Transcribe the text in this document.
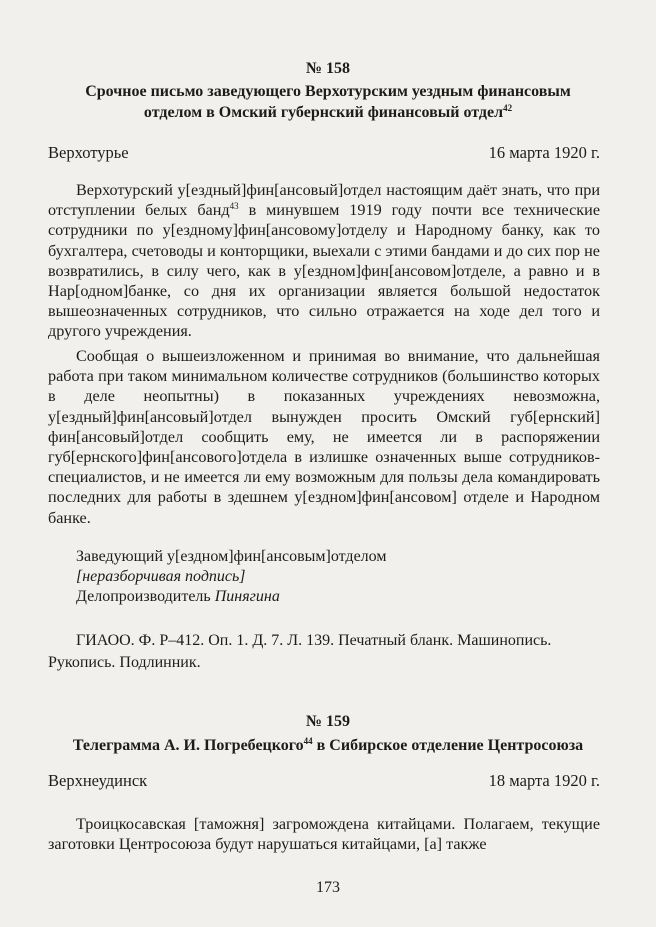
№ 158
Срочное письмо заведующего Верхотурским уездным финансовым
отделом в Омский губернский финансовый отдел$^{42}$
Верхотурье	16 марта 1920 г.

Верхотурский у[ездный]фин[ансовый]отдел настоящим даёт знать, что при отступлении белых банд$^{43}$ в минувшем 1919 году почти все технические сотрудники по у[ездному]фин[ансовому]отделу и Народному банку, как то бухгалтера, счетоводы и конторщики, выехали с этими бандами и до сих пор не возвратились, в силу чего, как в у[ездном]фин[ансовом]отделе, а равно и в Нар[одном]банке, со дня их организации является большой недостаток вышеозначенных сотрудников, что сильно отражается на ходе дел того и другого учреждения.

Сообщая о вышеизложенном и принимая во внимание, что дальнейшая работа при таком минимальном количестве сотрудников (большинство которых в деле неопытны) в показанных учреждениях невозможна, у[ездный]фин[ансовый]отдел вынужден просить Омский губ[ернский] фин[ансовый]отдел сообщить ему, не имеется ли в распоряжении губ[ернского]фин[ансового]отдела в излишке означенных выше сотрудников-специалистов, и не имеется ли ему возможным для пользы дела командировать последних для работы в здешнем у[ездном]фин[ансовом] отделе и Народном банке.

Заведующий у[ездном]фин[ансовым]отделом
[неразборчивая подпись]
Делопроизводитель Пинягина

ГИАОО. Ф. Р–412. Оп. 1. Д. 7. Л. 139. Печатный бланк. Машинопись. Рукопись. Подлинник.

№ 159
Телеграмма А. И. Погребецкого$^{44}$ в Сибирское отделение Центросоюза
Верхнеудинск	18 марта 1920 г.

Троицкосавская [таможня] загромождена китайцами. Полагаем, текущие заготовки Центросоюза будут нарушаться китайцами, [а] также

173
